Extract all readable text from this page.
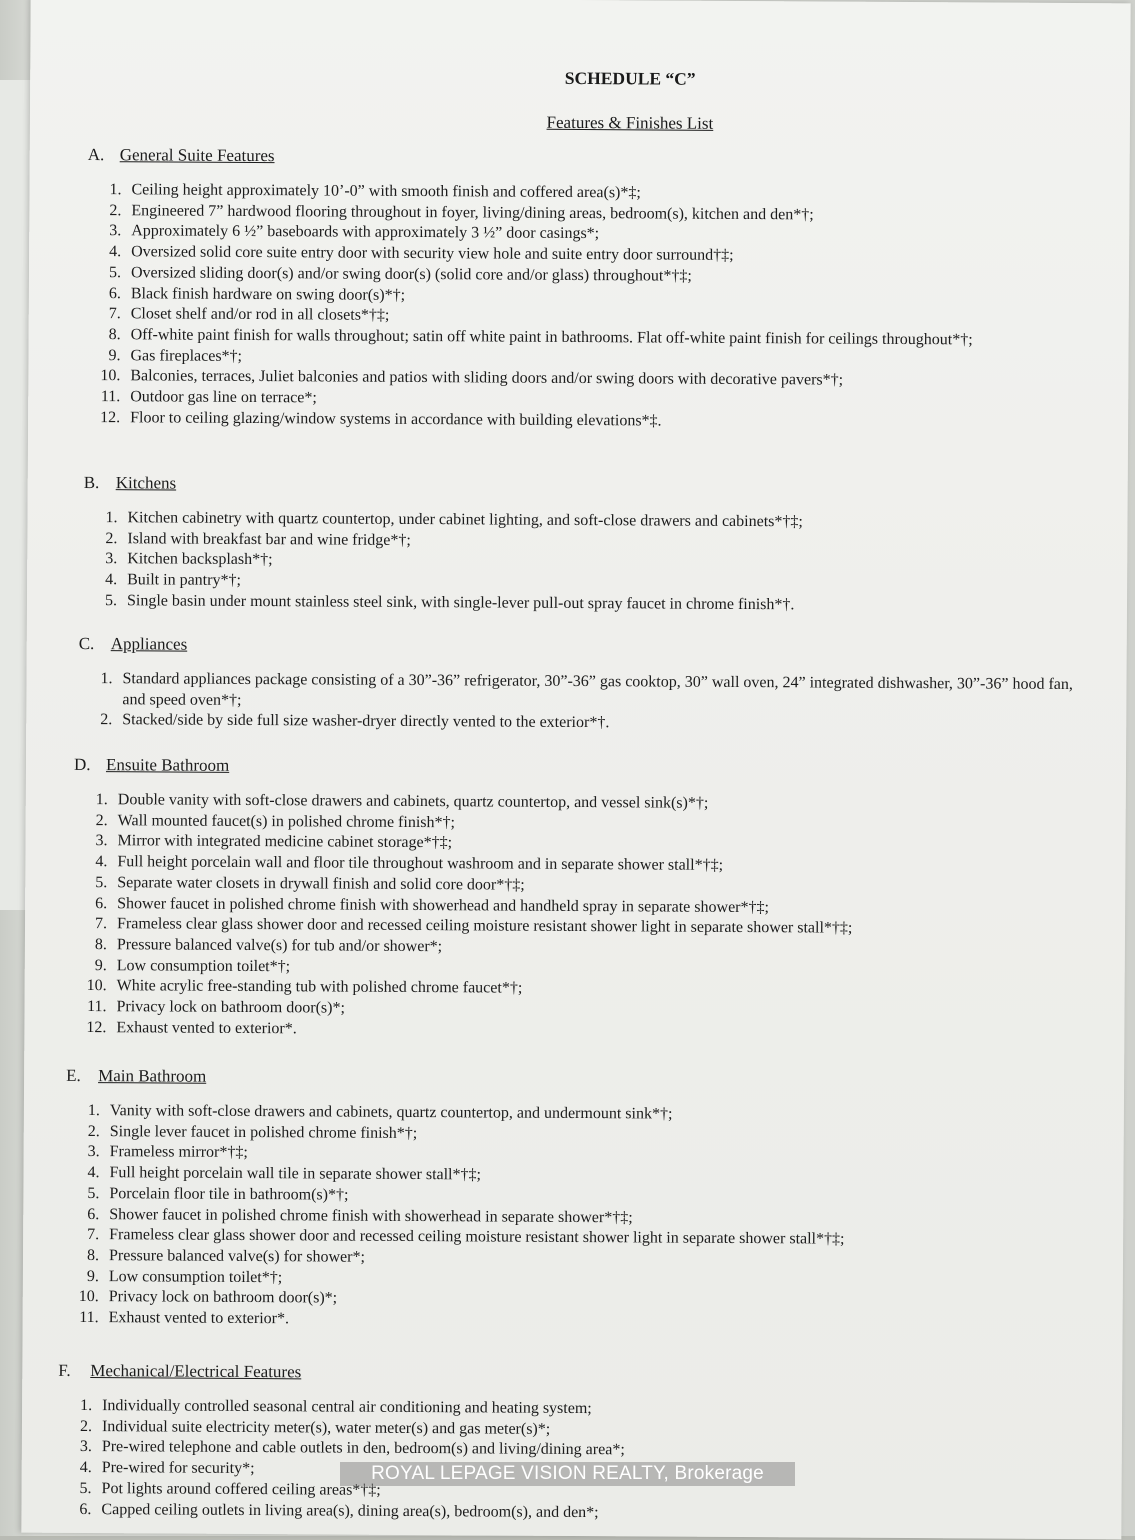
SCHEDULE “C”
Features & Finishes List
A. General Suite Features
1. Ceiling height approximately 10’-0” with smooth finish and coffered area(s)*‡;
2. Engineered 7” hardwood flooring throughout in foyer, living/dining areas, bedroom(s), kitchen and den*†;
3. Approximately 6 ½” baseboards with approximately 3 ½” door casings*;
4. Oversized solid core suite entry door with security view hole and suite entry door surround†‡;
5. Oversized sliding door(s) and/or swing door(s) (solid core and/or glass) throughout*†‡;
6. Black finish hardware on swing door(s)*†;
7. Closet shelf and/or rod in all closets*†‡;
8. Off-white paint finish for walls throughout; satin off white paint in bathrooms. Flat off-white paint finish for ceilings throughout*†;
9. Gas fireplaces*†;
10. Balconies, terraces, Juliet balconies and patios with sliding doors and/or swing doors with decorative pavers*†;
11. Outdoor gas line on terrace*;
12. Floor to ceiling glazing/window systems in accordance with building elevations*‡.
B. Kitchens
1. Kitchen cabinetry with quartz countertop, under cabinet lighting, and soft-close drawers and cabinets*†‡;
2. Island with breakfast bar and wine fridge*†;
3. Kitchen backsplash*†;
4. Built in pantry*†;
5. Single basin under mount stainless steel sink, with single-lever pull-out spray faucet in chrome finish*†.
C. Appliances
1. Standard appliances package consisting of a 30”-36” refrigerator, 30”-36” gas cooktop, 30” wall oven, 24” integrated dishwasher, 30”-36” hood fan, and speed oven*†;
2. Stacked/side by side full size washer-dryer directly vented to the exterior*†.
D. Ensuite Bathroom
1. Double vanity with soft-close drawers and cabinets, quartz countertop, and vessel sink(s)*†;
2. Wall mounted faucet(s) in polished chrome finish*†;
3. Mirror with integrated medicine cabinet storage*†‡;
4. Full height porcelain wall and floor tile throughout washroom and in separate shower stall*†‡;
5. Separate water closets in drywall finish and solid core door*†‡;
6. Shower faucet in polished chrome finish with showerhead and handheld spray in separate shower*†‡;
7. Frameless clear glass shower door and recessed ceiling moisture resistant shower light in separate shower stall*†‡;
8. Pressure balanced valve(s) for tub and/or shower*;
9. Low consumption toilet*†;
10. White acrylic free-standing tub with polished chrome faucet*†;
11. Privacy lock on bathroom door(s)*;
12. Exhaust vented to exterior*.
E. Main Bathroom
1. Vanity with soft-close drawers and cabinets, quartz countertop, and undermount sink*†;
2. Single lever faucet in polished chrome finish*†;
3. Frameless mirror*†‡;
4. Full height porcelain wall tile in separate shower stall*†‡;
5. Porcelain floor tile in bathroom(s)*†;
6. Shower faucet in polished chrome finish with showerhead in separate shower*†‡;
7. Frameless clear glass shower door and recessed ceiling moisture resistant shower light in separate shower stall*†‡;
8. Pressure balanced valve(s) for shower*;
9. Low consumption toilet*†;
10. Privacy lock on bathroom door(s)*;
11. Exhaust vented to exterior*.
F. Mechanical/Electrical Features
1. Individually controlled seasonal central air conditioning and heating system;
2. Individual suite electricity meter(s), water meter(s) and gas meter(s)*;
3. Pre-wired telephone and cable outlets in den, bedroom(s) and living/dining area*;
4. Pre-wired for security*;
5. Pot lights around coffered ceiling areas*†‡;
6. Capped ceiling outlets in living area(s), dining area(s), bedroom(s), and den*;
ROYAL LEPAGE VISION REALTY, Brokerage
